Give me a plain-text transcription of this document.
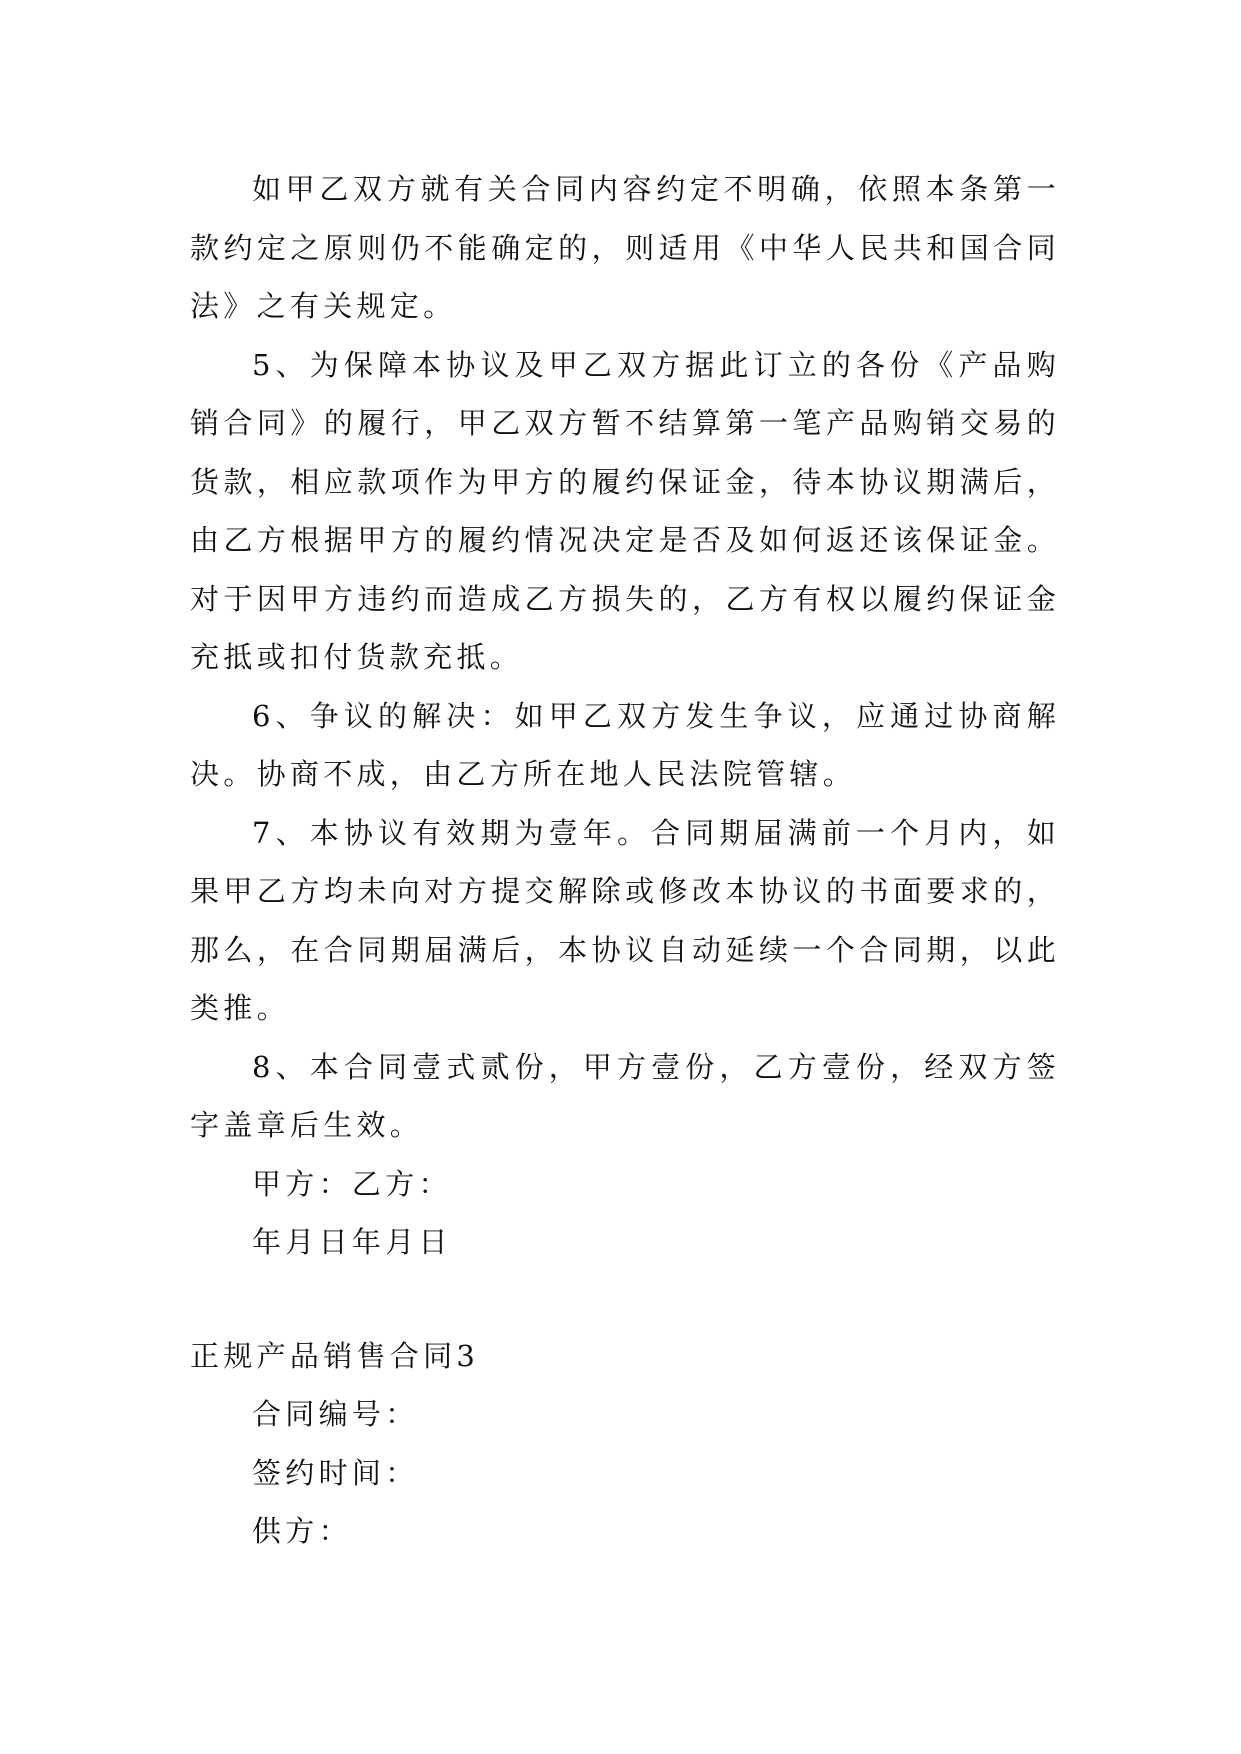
如甲乙双方就有关合同内容约定不明确，依照本条第一款约定之原则仍不能确定的，则适用《中华人民共和国合同法》之有关规定。

5、为保障本协议及甲乙双方据此订立的各份《产品购销合同》的履行，甲乙双方暂不结算第一笔产品购销交易的货款，相应款项作为甲方的履约保证金，待本协议期满后，由乙方根据甲方的履约情况决定是否及如何返还该保证金。对于因甲方违约而造成乙方损失的，乙方有权以履约保证金充抵或扣付货款充抵。

6、争议的解决：如甲乙双方发生争议，应通过协商解决。协商不成，由乙方所在地人民法院管辖。

7、本协议有效期为壹年。合同期届满前一个月内，如果甲乙方均未向对方提交解除或修改本协议的书面要求的，那么，在合同期届满后，本协议自动延续一个合同期，以此类推。

8、本合同壹式贰份，甲方壹份，乙方壹份，经双方签字盖章后生效。

甲方：乙方：

年月日年月日

正规产品销售合同3

合同编号：

签约时间：

供方：
